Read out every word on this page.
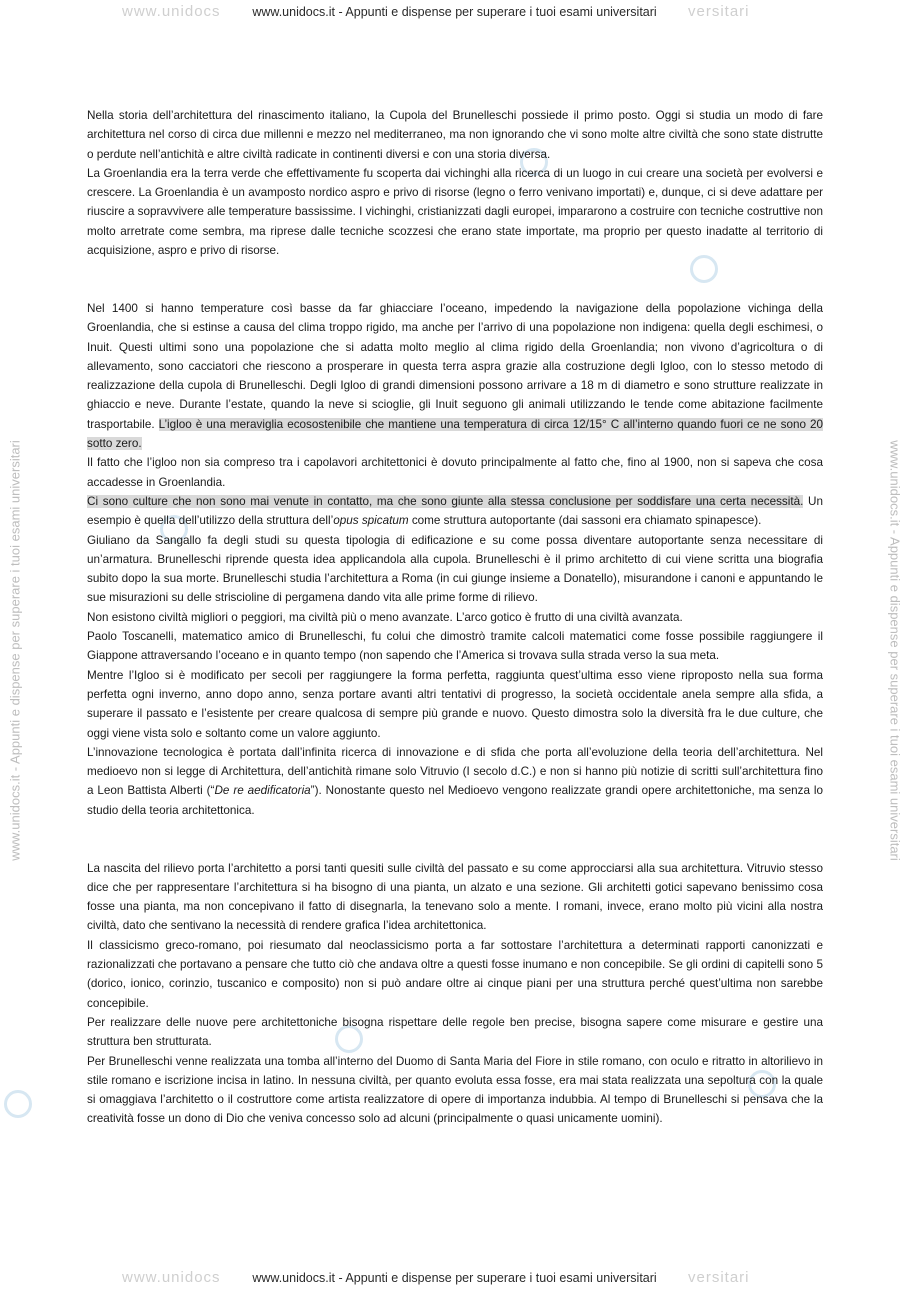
www.unidocs	www.unidocs.it - Appunti e dispense per superare i tuoi esami universitari versitari
www.unidocs.it - Appunti e dispense per superare i tuoi esami universitari	www.unidocs.it - Appunti e dispense per superare i tuoi esami universitari

Nella storia dell’architettura del rinascimento italiano, la Cupola del Brunelleschi possiede il primo posto. Oggi si studia un modo di fare architettura nel corso di circa due millenni e mezzo nel mediterraneo, ma non ignorando che vi sono molte altre civiltà che sono state distrutte o perdute nell’antichità e altre civiltà radicate in continenti diversi e con una storia diversa.

La Groenlandia era la terra verde che effettivamente fu scoperta dai vichinghi alla ricerca di un luogo in cui creare una società per evolversi e crescere. La Groenlandia è un avamposto nordico aspro e privo di risorse (legno o ferro venivano importati) e, dunque, ci si deve adattare per riuscire a sopravvivere alle temperature bassissime. I vichinghi, cristianizzati dagli europei, impararono a costruire con tecniche costruttive non molto arretrate come sembra, ma riprese dalle tecniche scozzesi che erano state importate, ma proprio per questo inadatte al territorio di acquisizione, aspro e privo di risorse.

Nel 1400 si hanno temperature così basse da far ghiacciare l’oceano, impedendo la navigazione della popolazione vichinga della Groenlandia, che si estinse a causa del clima troppo rigido, ma anche per l’arrivo di una popolazione non indigena: quella degli eschimesi, o Inuit. Questi ultimi sono una popolazione che si adatta molto meglio al clima rigido della Groenlandia; non vivono d’agricoltura o di allevamento, sono cacciatori che riescono a prosperare in questa terra aspra grazie alla costruzione degli Igloo, con lo stesso metodo di realizzazione della cupola di Brunelleschi. Degli Igloo di grandi dimensioni possono arrivare a 18 m di diametro e sono strutture realizzate in ghiaccio e neve. Durante l’estate, quando la neve si scioglie, gli Inuit seguono gli animali utilizzando le tende come abitazione facilmente trasportabile. L’igloo è una meraviglia ecosostenibile che mantiene una temperatura di circa 12/15° C all’interno quando fuori ce ne sono 20 sotto zero.

Il fatto che l’igloo non sia compreso tra i capolavori architettonici è dovuto principalmente al fatto che, fino al 1900, non si sapeva che cosa accadesse in Groenlandia.

Ci sono culture che non sono mai venute in contatto, ma che sono giunte alla stessa conclusione per soddisfare una certa necessità. Un esempio è quella dell’utilizzo della struttura dell’opus spicatum come struttura autoportante (dai sassoni era chiamato spinapesce).

Giuliano da Sangallo fa degli studi su questa tipologia di edificazione e su come possa diventare autoportante senza necessitare di un’armatura. Brunelleschi riprende questa idea applicandola alla cupola. Brunelleschi è il primo architetto di cui viene scritta una biografia subito dopo la sua morte. Brunelleschi studia l’architettura a Roma (in cui giunge insieme a Donatello), misurandone i canoni e appuntando le sue misurazioni su delle striscioline di pergamena dando vita alle prime forme di rilievo.

Non esistono civiltà migliori o peggiori, ma civiltà più o meno avanzate. L’arco gotico è frutto di una civiltà avanzata.

Paolo Toscanelli, matematico amico di Brunelleschi, fu colui che dimostrò tramite calcoli matematici come fosse possibile raggiungere il Giappone attraversando l’oceano e in quanto tempo (non sapendo che l’America si trovava sulla strada verso la sua meta.

Mentre l’Igloo si è modificato per secoli per raggiungere la forma perfetta, raggiunta quest’ultima esso viene riproposto nella sua forma perfetta ogni inverno, anno dopo anno, senza portare avanti altri tentativi di progresso, la società occidentale anela sempre alla sfida, a superare il passato e l’esistente per creare qualcosa di sempre più grande e nuovo. Questo dimostra solo la diversità fra le due culture, che oggi viene vista solo e soltanto come un valore aggiunto.

L’innovazione tecnologica è portata dall’infinita ricerca di innovazione e di sfida che porta all’evoluzione della teoria dell’architettura. Nel medioevo non si legge di Architettura, dell’antichità rimane solo Vitruvio (I secolo d.C.) e non si hanno più notizie di scritti sull’architettura fino a Leon Battista Alberti (“De re aedificatoria”). Nonostante questo nel Medioevo vengono realizzate grandi opere architettoniche, ma senza lo studio della teoria architettonica.

La nascita del rilievo porta l’architetto a porsi tanti quesiti sulle civiltà del passato e su come approcciarsi alla sua architettura. Vitruvio stesso dice che per rappresentare l’architettura si ha bisogno di una pianta, un alzato e una sezione. Gli architetti gotici sapevano benissimo cosa fosse una pianta, ma non concepivano il fatto di disegnarla, la tenevano solo a mente. I romani, invece, erano molto più vicini alla nostra civiltà, dato che sentivano la necessità di rendere grafica l’idea architettonica.

Il classicismo greco-romano, poi riesumato dal neoclassicismo porta a far sottostare l’architettura a determinati rapporti canonizzati e razionalizzati che portavano a pensare che tutto ciò che andava oltre a questi fosse inumano e non concepibile. Se gli ordini di capitelli sono 5 (dorico, ionico, corinzio, tuscanico e composito) non si può andare oltre ai cinque piani per una struttura perché quest’ultima non sarebbe concepibile.

Per realizzare delle nuove pere architettoniche bisogna rispettare delle regole ben precise, bisogna sapere come misurare e gestire una struttura ben strutturata.

Per Brunelleschi venne realizzata una tomba all’interno del Duomo di Santa Maria del Fiore in stile romano, con oculo e ritratto in altorilievo in stile romano e iscrizione incisa in latino. In nessuna civiltà, per quanto evoluta essa fosse, era mai stata realizzata una sepoltura con la quale si omaggiava l’architetto o il costruttore come artista realizzatore di opere di importanza indubbia. Al tempo di Brunelleschi si pensava che la creatività fosse un dono di Dio che veniva concesso solo ad alcuni (principalmente o quasi unicamente uomini).

www.unidocs	www.unidocs.it - Appunti e dispense per superare i tuoi esami universitari versitari
